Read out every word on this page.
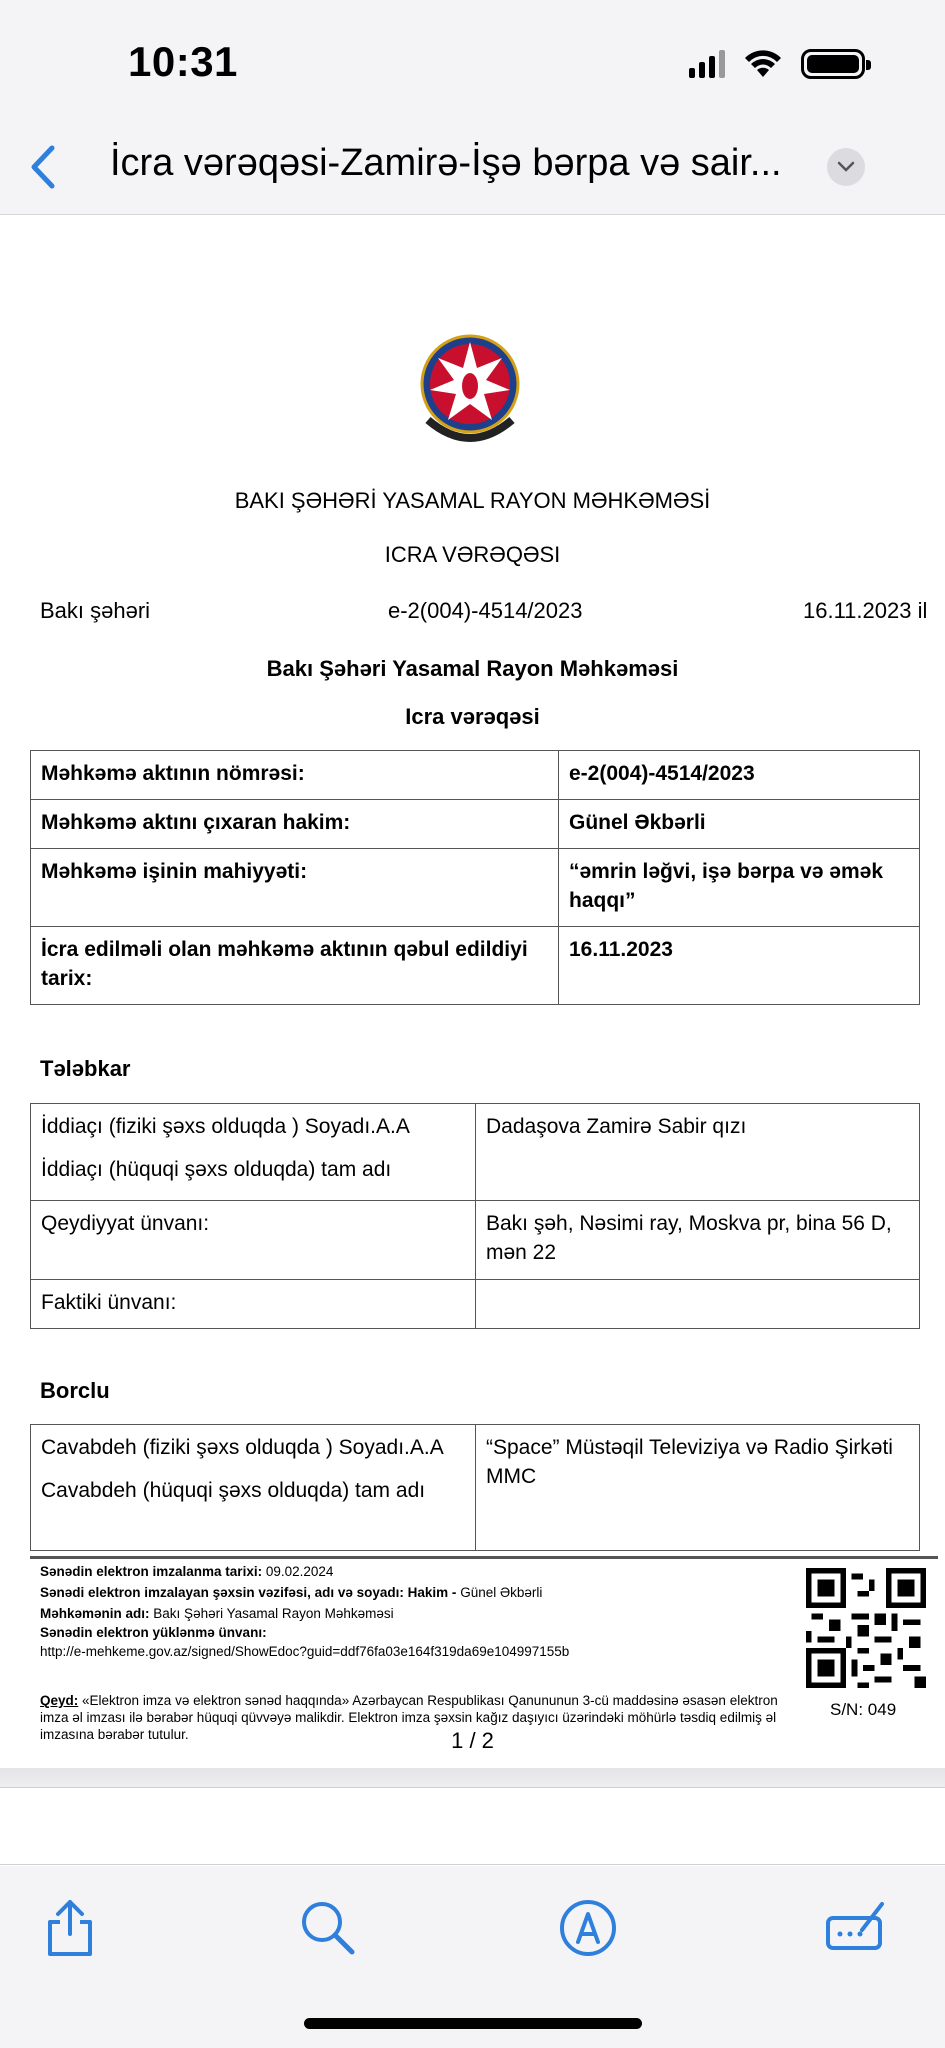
10:31
İcra vərəqəsi-Zamirə-İşə bərpa və sair...
BAKI ŞƏHƏRİ YASAMAL RAYON MƏHKƏMƏSİ
ICRA VƏRƏQƏSI
Bakı şəhəri	e-2(004)-4514/2023	16.11.2023 il
Bakı Şəhəri Yasamal Rayon Məhkəməsi
Icra vərəqəsi
Məhkəmə aktının nömrəsi:	e-2(004)-4514/2023
Məhkəmə aktını çıxaran hakim:	Günel Əkbərli
Məhkəmə işinin mahiyyəti:	“əmrin ləğvi, işə bərpa və əmək haqqı”
İcra edilməli olan məhkəmə aktının qəbul edildiyi tarix:	16.11.2023
Tələbkar
İddiaçı (fiziki şəxs olduqda ) Soyadı.A.A
İddiaçı (hüquqi şəxs olduqda) tam adı	Dadaşova Zamirə Sabir qızı
Qeydiyyat ünvanı:	Bakı şəh, Nəsimi ray, Moskva pr, bina 56 D, mən 22
Faktiki ünvanı:	
Borclu
Cavabdeh (fiziki şəxs olduqda ) Soyadı.A.A
Cavabdeh (hüquqi şəxs olduqda) tam adı
	“Space” Müstəqil Televiziya və Radio Şirkəti MMC
Sənədin elektron imzalanma tarixi: 09.02.2024
Sənədi elektron imzalayan şəxsin vəzifəsi, adı və soyadı: Hakim - Günel Əkbərli
Məhkəmənin adı: Bakı Şəhəri Yasamal Rayon Məhkəməsi
Sənədin elektron yüklənmə ünvanı:
http://e-mehkeme.gov.az/signed/ShowEdoc?guid=ddf76fa03e164f319da69e104997155b
Qeyd: «Elektron imza və elektron sənəd haqqında» Azərbaycan Respublikası Qanununun 3-cü maddəsinə əsasən elektron imza əl imzası ilə bərabər hüquqi qüvvəyə malikdir. Elektron imza şəxsin kağız daşıyıcı üzərindəki möhürlə təsdiq edilmiş əl imzasına bərabər tutulur.
S/N: 049
1 / 2
